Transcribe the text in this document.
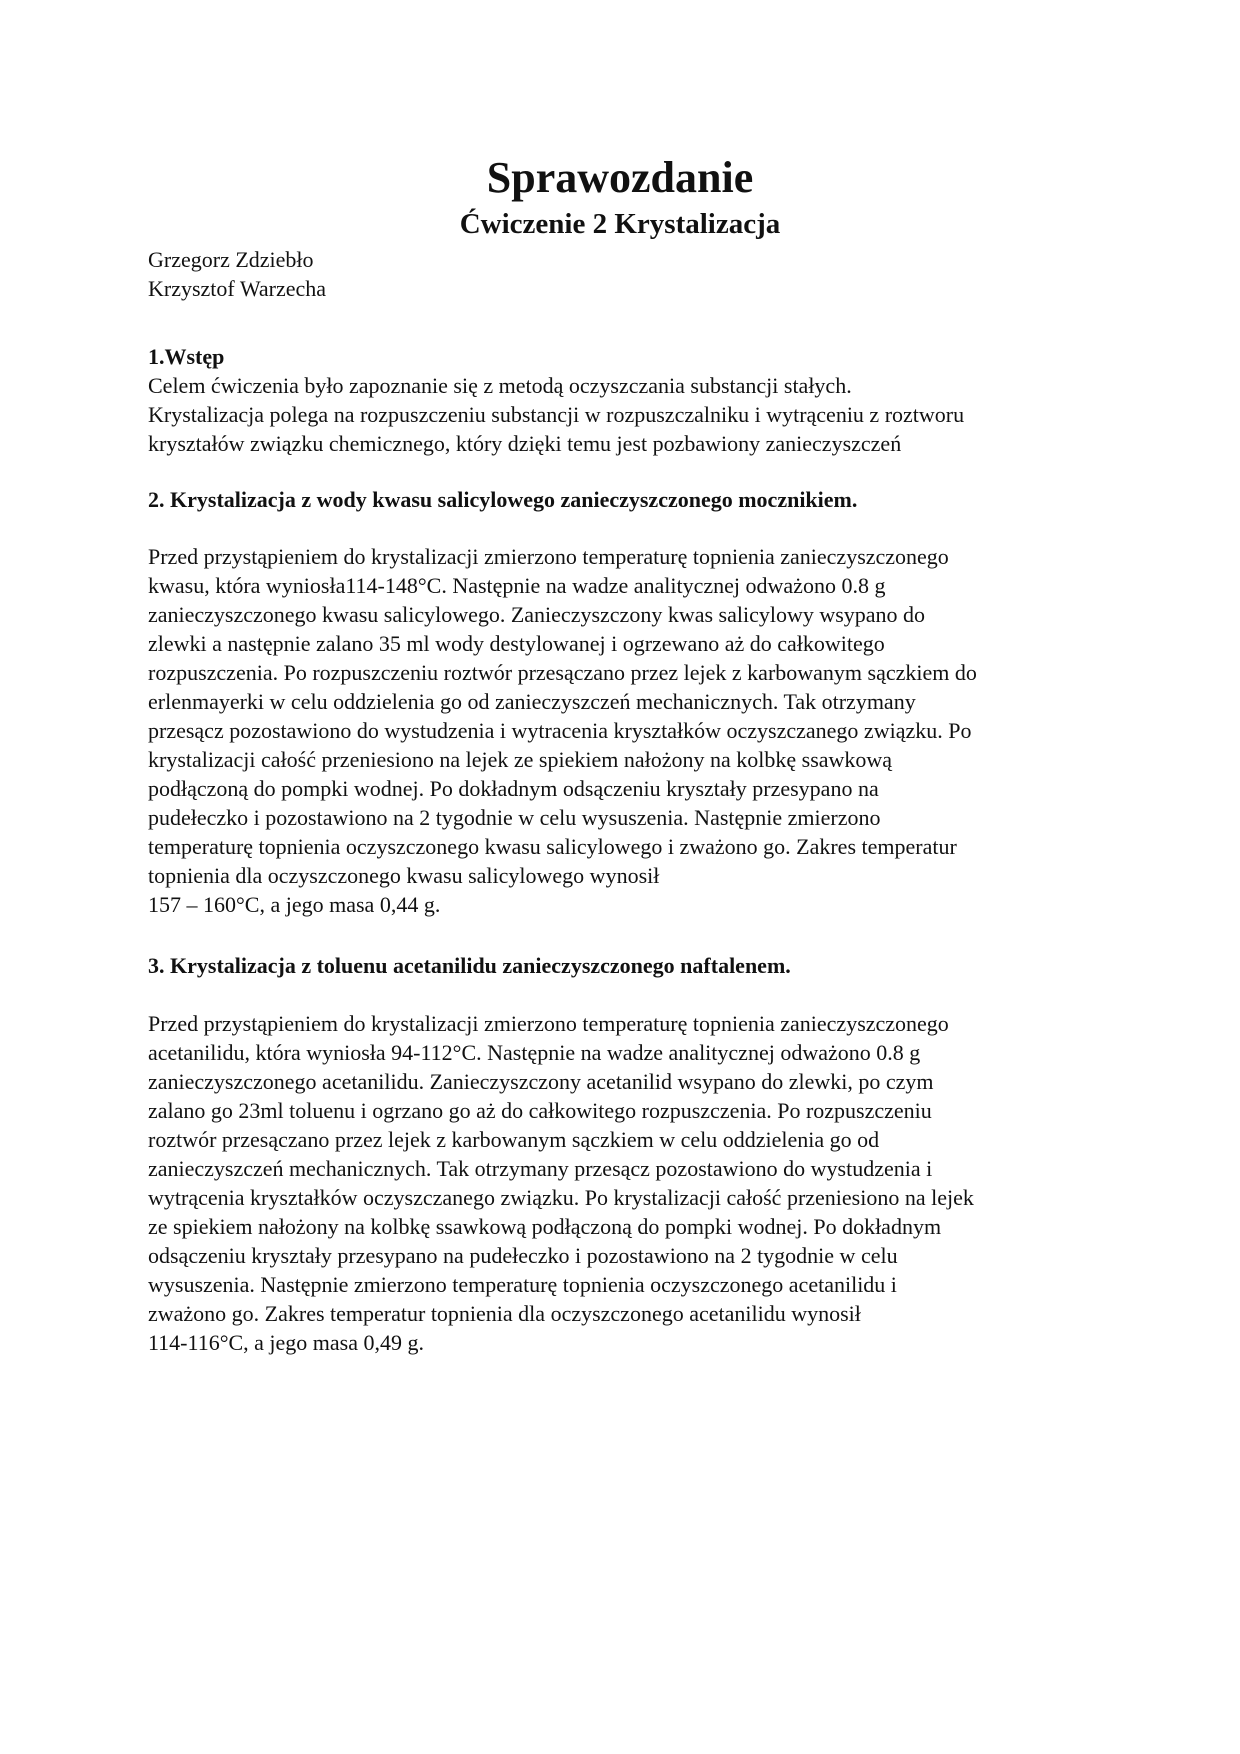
Sprawozdanie
Ćwiczenie 2 Krystalizacja
Grzegorz Zdziebło
Krzysztof Warzecha
1.Wstęp
Celem ćwiczenia było zapoznanie się z metodą oczyszczania substancji stałych.
Krystalizacja polega na rozpuszczeniu substancji w rozpuszczalniku i wytrąceniu z roztworu
kryształów związku chemicznego, który dzięki temu jest pozbawiony zanieczyszczeń
2. Krystalizacja z wody kwasu salicylowego zanieczyszczonego mocznikiem.
Przed przystąpieniem do krystalizacji zmierzono temperaturę topnienia zanieczyszczonego
kwasu, która wyniosła114-148°C. Następnie na wadze analitycznej odważono 0.8 g
zanieczyszczonego kwasu salicylowego. Zanieczyszczony kwas salicylowy wsypano do
zlewki a następnie zalano 35 ml wody destylowanej i ogrzewano aż do całkowitego
rozpuszczenia. Po rozpuszczeniu roztwór przesączano przez lejek z karbowanym sączkiem do
erlenmayerki w celu oddzielenia go od zanieczyszczeń mechanicznych. Tak otrzymany
przesącz pozostawiono do wystudzenia i wytracenia kryształków oczyszczanego związku. Po
krystalizacji całość przeniesiono na lejek ze spiekiem nałożony na kolbkę ssawkową
podłączoną do pompki wodnej. Po dokładnym odsączeniu kryształy przesypano na
pudełeczko i pozostawiono na 2 tygodnie w celu wysuszenia. Następnie zmierzono
temperaturę topnienia oczyszczonego kwasu salicylowego i zważono go. Zakres temperatur
topnienia dla oczyszczonego kwasu salicylowego wynosił
157 – 160°C, a jego masa 0,44 g.
3. Krystalizacja z toluenu acetanilidu zanieczyszczonego naftalenem.
Przed przystąpieniem do krystalizacji zmierzono temperaturę topnienia zanieczyszczonego
acetanilidu, która wyniosła 94-112°C. Następnie na wadze analitycznej odważono 0.8 g
zanieczyszczonego acetanilidu. Zanieczyszczony acetanilid wsypano do zlewki, po czym
zalano go 23ml toluenu i ogrzano go aż do całkowitego rozpuszczenia. Po rozpuszczeniu
roztwór przesączano przez lejek z karbowanym sączkiem w celu oddzielenia go od
zanieczyszczeń mechanicznych. Tak otrzymany przesącz pozostawiono do wystudzenia i
wytrącenia kryształków oczyszczanego związku. Po krystalizacji całość przeniesiono na lejek
ze spiekiem nałożony na kolbkę ssawkową podłączoną do pompki wodnej. Po dokładnym
odsączeniu kryształy przesypano na pudełeczko i pozostawiono na 2 tygodnie w celu
wysuszenia. Następnie zmierzono temperaturę topnienia oczyszczonego acetanilidu i
zważono go. Zakres temperatur topnienia dla oczyszczonego acetanilidu wynosił
114-116°C, a jego masa 0,49 g.
